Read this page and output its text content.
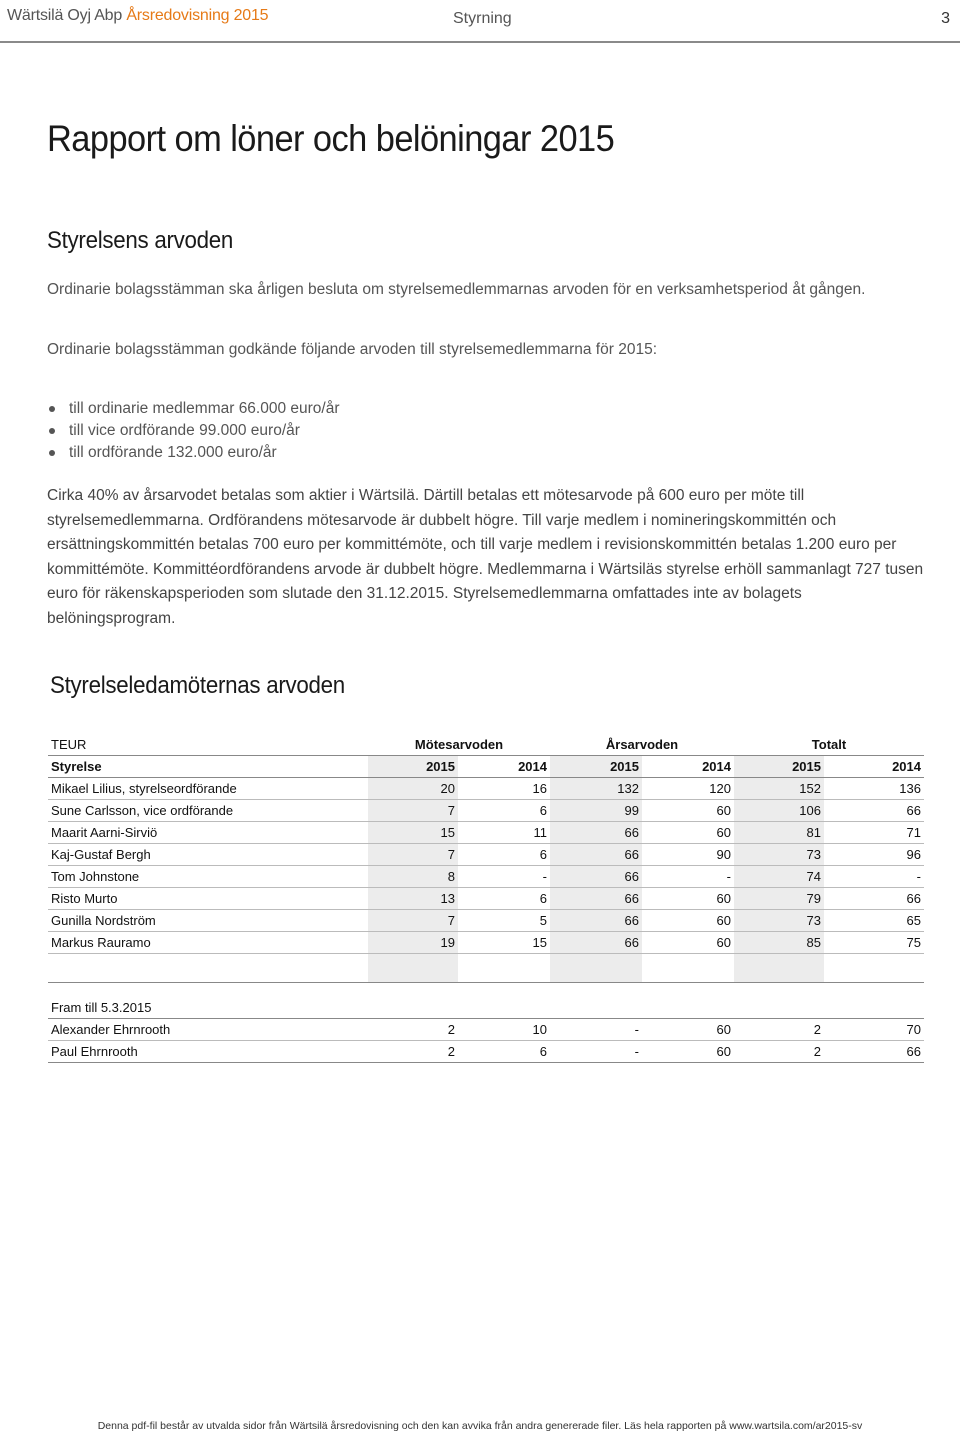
Wärtsilä Oyj Abp Årsredovisning 2015	Styrning	3
Rapport om löner och belöningar 2015
Styrelsens arvoden
Ordinarie bolagsstämman ska årligen besluta om styrelsemedlemmarnas arvoden för en verksamhetsperiod åt gången.
Ordinarie bolagsstämman godkände följande arvoden till styrelsemedlemmarna för 2015:
till ordinarie medlemmar 66.000 euro/år
till vice ordförande 99.000 euro/år
till ordförande 132.000 euro/år
Cirka 40% av årsarvodet betalas som aktier i Wärtsilä. Därtill betalas ett mötesarvode på 600 euro per möte till styrelsemedlemmarna. Ordförandens mötesarvode är dubbelt högre. Till varje medlem i nomineringskommittén och ersättningskommittén betalas 700 euro per kommittémöte, och till varje medlem i revisionskommittén betalas 1.200 euro per kommittémöte. Kommittéordförandens arvode är dubbelt högre. Medlemmarna i Wärtsiläs styrelse erhöll sammanlagt 727 tusen euro för räkenskapsperioden som slutade den 31.12.2015. Styrelsemedlemmarna omfattades inte av bolagets belöningsprogram.
Styrelseledamöternas arvoden
TEUR	Mötesarvoden		Årsarvoden		Totalt	
Styrelse	2015	2014	2015	2014	2015	2014
Mikael Lilius, styrelseordförande	20	16	132	120	152	136
Sune Carlsson, vice ordförande	7	6	99	60	106	66
Maarit Aarni-Sirviö	15	11	66	60	81	71
Kaj-Gustaf Bergh	7	6	66	90	73	96
Tom Johnstone	8	-	66	-	74	-
Risto Murto	13	6	66	60	79	66
Gunilla Nordström	7	5	66	60	73	65
Markus Rauramo	19	15	66	60	85	75

Fram till 5.3.2015						
Alexander Ehrnrooth	2	10	-	60	2	70
Paul Ehrnrooth	2	6	-	60	2	66
Denna pdf-fil består av utvalda sidor från Wärtsilä årsredovisning och den kan avvika från andra genererade filer. Läs hela rapporten på www.wartsila.com/ar2015-sv
